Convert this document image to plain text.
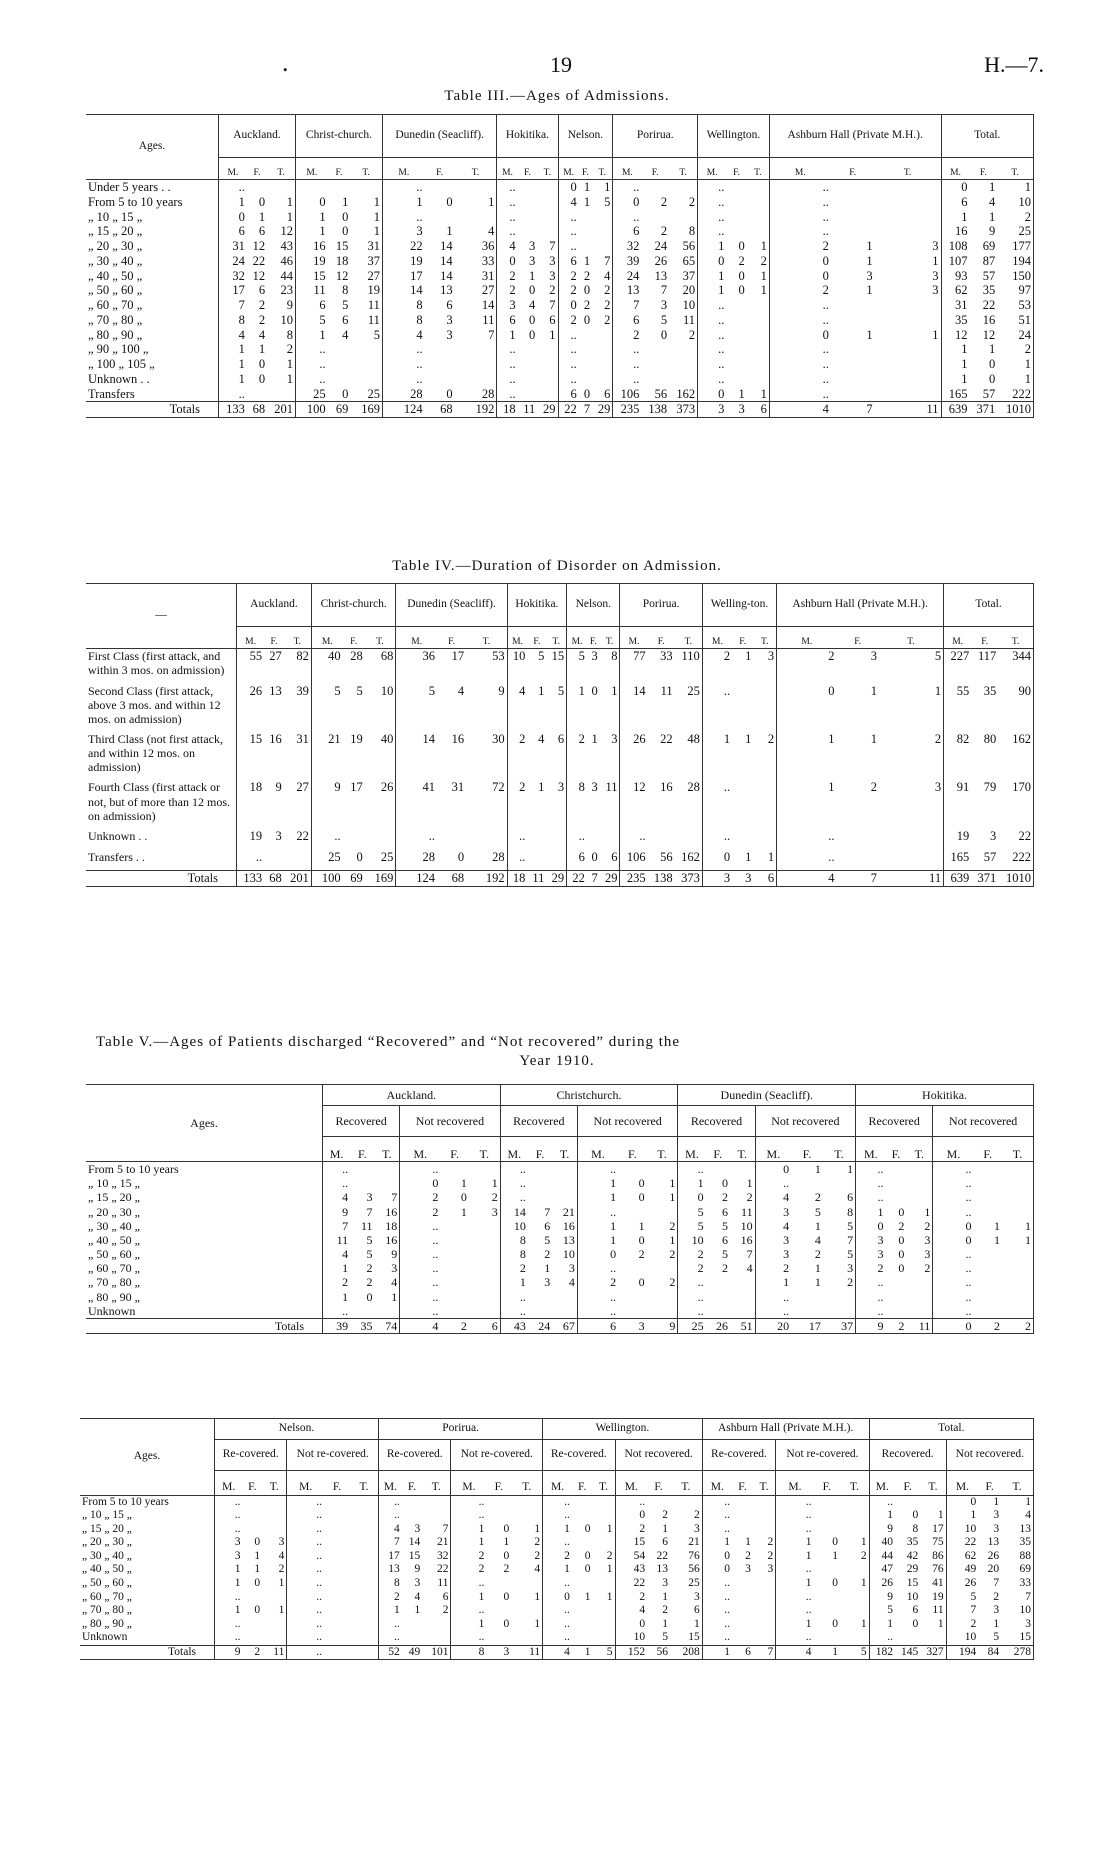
.	19	H.—7.
Table III.—Ages of Admissions.
Ages.	Auckland.			Christ-church.			Dunedin (Seacliff).			Hokitika.			Nelson.			Porirua.			Wellington.			Ashburn Hall (Private M.H.).			Total.		
	M.	F.	T.	M.	F.	T.	M.	F.	T.	M.	F.	T.	M.	F.	T.	M.	F.	T.	M.	F.	T.	M.	F.	T.	M.	F.	T.
Under 5 years . .	..						..			..			0	1	1	..			..			..			0	1	1
From 5 to 10 years	1	0	1	0	1	1	1	0	1	..			4	1	5	0	2	2	..			..			6	4	10
„ 10 „ 15 „	0	1	1	1	0	1	..			..			..			..			..			..			1	1	2
„ 15 „ 20 „	6	6	12	1	0	1	3	1	4	..			..			6	2	8	..			..			16	9	25
„ 20 „ 30 „	31	12	43	16	15	31	22	14	36	4	3	7	..			32	24	56	1	0	1	2	1	3	108	69	177
„ 30 „ 40 „	24	22	46	19	18	37	19	14	33	0	3	3	6	1	7	39	26	65	0	2	2	0	1	1	107	87	194
„ 40 „ 50 „	32	12	44	15	12	27	17	14	31	2	1	3	2	2	4	24	13	37	1	0	1	0	3	3	93	57	150
„ 50 „ 60 „	17	6	23	11	8	19	14	13	27	2	0	2	2	0	2	13	7	20	1	0	1	2	1	3	62	35	97
„ 60 „ 70 „	7	2	9	6	5	11	8	6	14	3	4	7	0	2	2	7	3	10	..			..			31	22	53
„ 70 „ 80 „	8	2	10	5	6	11	8	3	11	6	0	6	2	0	2	6	5	11	..			..			35	16	51
„ 80 „ 90 „	4	4	8	1	4	5	4	3	7	1	0	1	..			2	0	2	..			0	1	1	12	12	24
„ 90 „ 100 „	1	1	2	..			..			..			..			..			..			..			1	1	2
„ 100 „ 105 „	1	0	1	..			..			..			..			..			..			..			1	0	1
Unknown . .	1	0	1	..			..			..			..			..			..			..			1	0	1
Transfers	..			25	0	25	28	0	28	..			6	0	6	106	56	162	0	1	1	..			165	57	222
Totals	133	68	201	100	69	169	124	68	192	18	11	29	22	7	29	235	138	373	3	3	6	4	7	11	639	371	1010
Table IV.—Duration of Disorder on Admission.
—	Auckland.			Christ-church.			Dunedin (Seacliff).			Hokitika.			Nelson.			Porirua.			Welling-ton.			Ashburn Hall (Private M.H.).			Total.		
	M.	F.	T.	M.	F.	T.	M.	F.	T.	M.	F.	T.	M.	F.	T.	M.	F.	T.	M.	F.	T.	M.	F.	T.	M.	F.	T.
First Class (first attack, and within 3 mos. on admission)	55	27	82	40	28	68	36	17	53	10	5	15	5	3	8	77	33	110	2	1	3	2	3	5	227	117	344
Second Class (first attack, above 3 mos. and within 12 mos. on admission)	26	13	39	5	5	10	5	4	9	4	1	5	1	0	1	14	11	25	..			0	1	1	55	35	90
Third Class (not first attack, and within 12 mos. on admission)	15	16	31	21	19	40	14	16	30	2	4	6	2	1	3	26	22	48	1	1	2	1	1	2	82	80	162
Fourth Class (first attack or not, but of more than 12 mos. on admission)	18	9	27	9	17	26	41	31	72	2	1	3	8	3	11	12	16	28	..			1	2	3	91	79	170
Unknown . .	19	3	22	..			..			..			..			..			..			..			19	3	22
Transfers . .	..			25	0	25	28	0	28	..			6	0	6	106	56	162	0	1	1	..			165	57	222
Totals	133	68	201	100	69	169	124	68	192	18	11	29	22	7	29	235	138	373	3	3	6	4	7	11	639	371	1010
Table V.—Ages of Patients discharged “Recovered” and “Not recovered” during the
Year 1910.
Ages.	Auckland.						Christchurch.						Dunedin (Seacliff).						Hokitika.					
	Recovered			Not recovered			Recovered			Not recovered			Recovered			Not recovered			Recovered			Not recovered		
	M.	F.	T.	M.	F.	T.	M.	F.	T.	M.	F.	T.	M.	F.	T.	M.	F.	T.	M.	F.	T.	M.	F.	T.
From 5 to 10 years	..			..			..			..			..			0	1	1	..			..		
„ 10 „ 15 „	..			0	1	1	..			1	0	1	1	0	1	..			..			..		
„ 15 „ 20 „	4	3	7	2	0	2	..			1	0	1	0	2	2	4	2	6	..			..		
„ 20 „ 30 „	9	7	16	2	1	3	14	7	21	..			5	6	11	3	5	8	1	0	1	..		
„ 30 „ 40 „	7	11	18	..			10	6	16	1	1	2	5	5	10	4	1	5	0	2	2	0	1	1
„ 40 „ 50 „	11	5	16	..			8	5	13	1	0	1	10	6	16	3	4	7	3	0	3	0	1	1
„ 50 „ 60 „	4	5	9	..			8	2	10	0	2	2	2	5	7	3	2	5	3	0	3	..		
„ 60 „ 70 „	1	2	3	..			2	1	3	..			2	2	4	2	1	3	2	0	2	..		
„ 70 „ 80 „	2	2	4	..			1	3	4	2	0	2	..			1	1	2	..			..		
„ 80 „ 90 „	1	0	1	..			..			..			..			..			..			..		
Unknown	..			..			..			..			..			..			..			..		
Totals	39	35	74	4	2	6	43	24	67	6	3	9	25	26	51	20	17	37	9	2	11	0	2	2
Ages.	Nelson.						Porirua.						Wellington.						Ashburn Hall (Private M.H.).						Total.					
	Re-covered.			Not re-covered.			Re-covered.			Not re-covered.			Re-covered.			Not recovered.			Re-covered.			Not re-covered.			Recovered.			Not recovered.		
	M.	F.	T.	M.	F.	T.	M.	F.	T.	M.	F.	T.	M.	F.	T.	M.	F.	T.	M.	F.	T.	M.	F.	T.	M.	F.	T.	M.	F.	T.
From 5 to 10 years	..			..			..			..			..			..			..			..			..			0	1	1
„ 10 „ 15 „	..			..			..			..			..			0	2	2	..			..			1	0	1	1	3	4
„ 15 „ 20 „	..			..			4	3	7	1	0	1	1	0	1	2	1	3	..			..			9	8	17	10	3	13
„ 20 „ 30 „	3	0	3	..			7	14	21	1	1	2	..			15	6	21	1	1	2	1	0	1	40	35	75	22	13	35
„ 30 „ 40 „	3	1	4	..			17	15	32	2	0	2	2	0	2	54	22	76	0	2	2	1	1	2	44	42	86	62	26	88
„ 40 „ 50 „	1	1	2	..			13	9	22	2	2	4	1	0	1	43	13	56	0	3	3	..			47	29	76	49	20	69
„ 50 „ 60 „	1	0	1	..			8	3	11	..			..			22	3	25	..			1	0	1	26	15	41	26	7	33
„ 60 „ 70 „	..			..			2	4	6	1	0	1	0	1	1	2	1	3	..			..			9	10	19	5	2	7
„ 70 „ 80 „	1	0	1	..			1	1	2	..			..			4	2	6	..			..			5	6	11	7	3	10
„ 80 „ 90 „	..			..			..			1	0	1	..			0	1	1	..			1	0	1	1	0	1	2	1	3
Unknown	..			..			..			..			..			10	5	15	..			..			..			10	5	15
Totals	9	2	11	..			52	49	101	8	3	11	4	1	5	152	56	208	1	6	7	4	1	5	182	145	327	194	84	278
